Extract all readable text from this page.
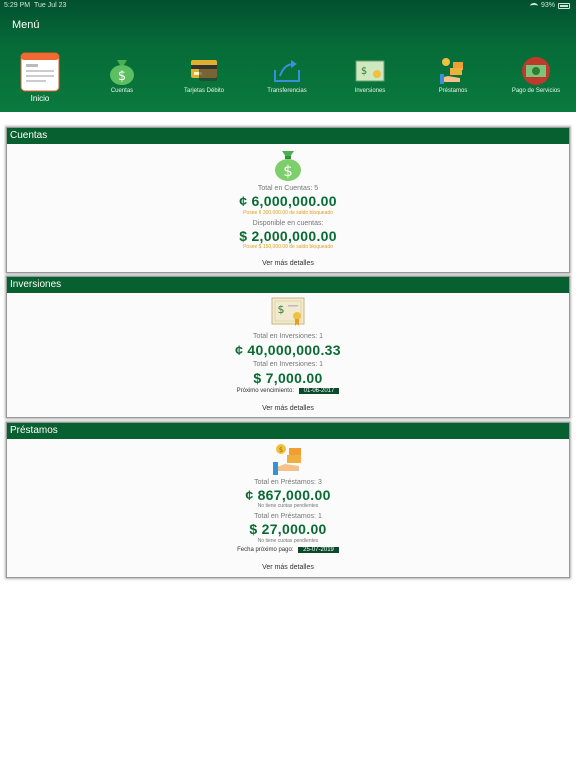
5:29 PM Tue Jul 23	93%
Menú
Inicio
$
Cuentas	Tarjetas Débito	Transferencias
$
Inversiones	Préstamos	Pago de Servicios
Cuentas
$
Total en Cuentas: 5
¢ 6,000,000.00
Posee ¢ 300,000.00 de saldo bloqueado
Disponible en cuentas:
$ 2,000,000.00
Posee $ 150,000.00 de saldo bloqueado
Ver más detalles
Inversiones
$
Total en Inversiones: 1
¢ 40,000,000.33
Total en Inversiones: 1
$ 7,000.00
Próximo vencimiento: 01-06-2017
Ver más detalles
Préstamos
$
Total en Préstamos: 3
¢ 867,000.00
No tiene cuotas pendientes
Total en Préstamos: 1
$ 27,000.00
No tiene cuotas pendientes
Fecha próximo pago: 25-07-2019
Ver más detalles
